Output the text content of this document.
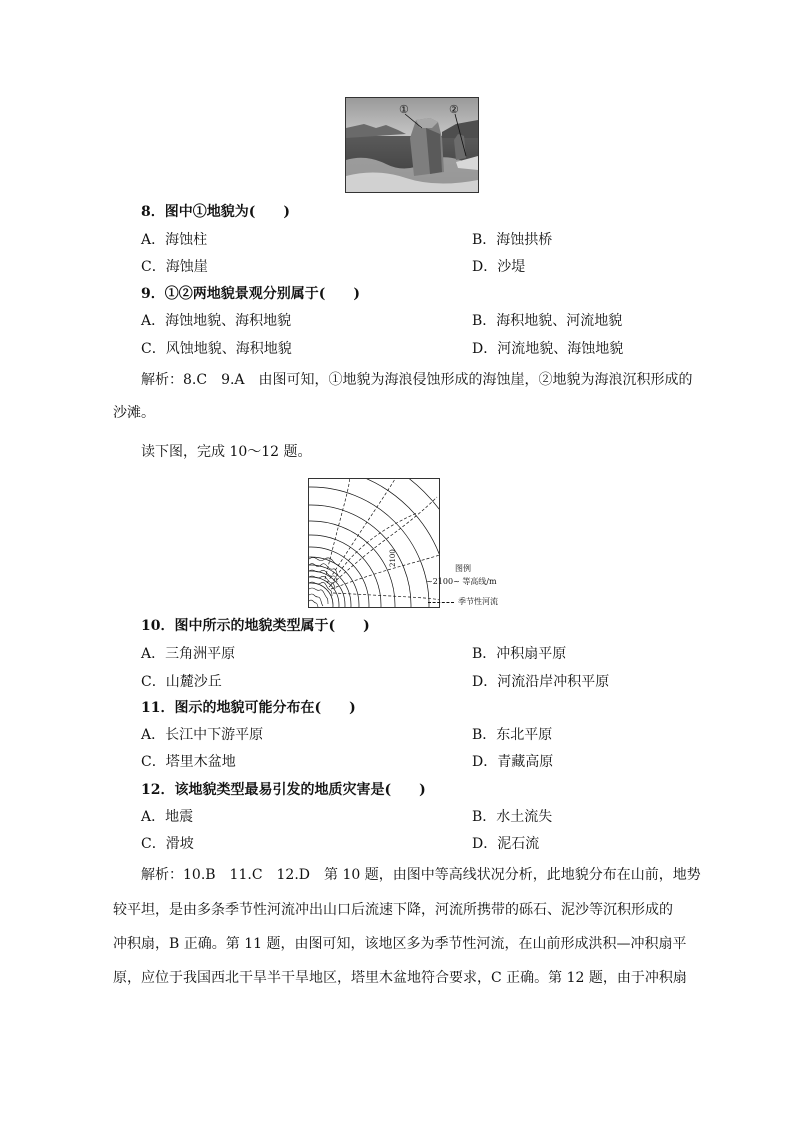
①	②
8．图中①地貌为(　　)
A．海蚀柱	B．海蚀拱桥
C．海蚀崖	D．沙堤
9．①②两地貌景观分别属于(　　)
A．海蚀地貌、海积地貌	B．海积地貌、河流地貌
C．风蚀地貌、海积地貌	D．河流地貌、海蚀地貌
解析：8.C　9.A　由图可知，①地貌为海浪侵蚀形成的海蚀崖，②地貌为海浪沉积形成的
沙滩。
读下图，完成 10～12 题。
2100
图例
~2100~ 等高线/m
季节性河流
10．图中所示的地貌类型属于(　　)
A．三角洲平原	B．冲积扇平原
C．山麓沙丘	D．河流沿岸冲积平原
11．图示的地貌可能分布在(　　)
A．长江中下游平原	B．东北平原
C．塔里木盆地	D．青藏高原
12．该地貌类型最易引发的地质灾害是(　　)
A．地震	B．水土流失
C．滑坡	D．泥石流
解析：10.B　11.C　12.D　第 10 题，由图中等高线状况分析，此地貌分布在山前，地势
较平坦，是由多条季节性河流冲出山口后流速下降，河流所携带的砾石、泥沙等沉积形成的
冲积扇，B 正确。第 11 题，由图可知，该地区多为季节性河流，在山前形成洪积—冲积扇平
原，应位于我国西北干旱半干旱地区，塔里木盆地符合要求，C 正确。第 12 题，由于冲积扇
